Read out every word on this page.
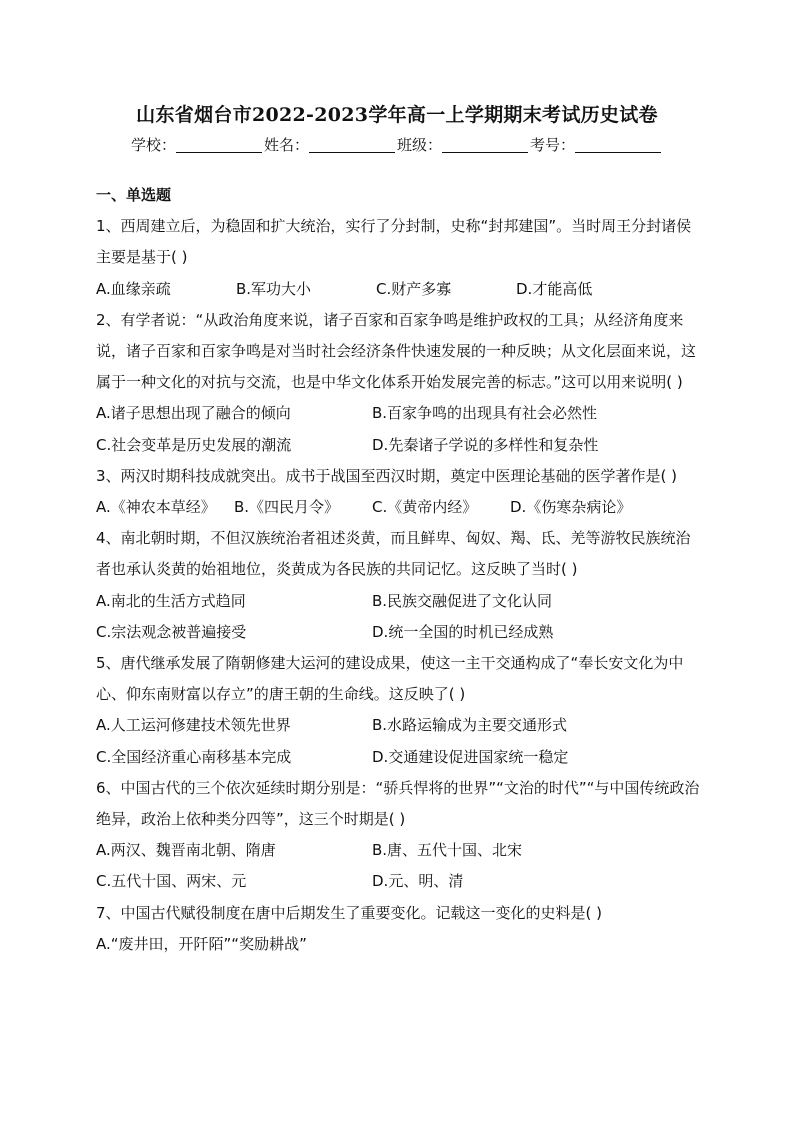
山东省烟台市2022-2023学年高一上学期期末考试历史试卷
学校：	姓名：	班级：	考号：
一、单选题

1、西周建立后，为稳固和扩大统治，实行了分封制，史称“封邦建国”。当时周王分封诸侯主要是基于( )

A.血缘亲疏	B.军功大小	C.财产多寡	D.才能高低

2、有学者说：“从政治角度来说，诸子百家和百家争鸣是维护政权的工具；从经济角度来说，诸子百家和百家争鸣是对当时社会经济条件快速发展的一种反映；从文化层面来说，这属于一种文化的对抗与交流，也是中华文化体系开始发展完善的标志。”这可以用来说明( )

A.诸子思想出现了融合的倾向	B.百家争鸣的出现具有社会必然性
C.社会变革是历史发展的潮流	D.先秦诸子学说的多样性和复杂性

3、两汉时期科技成就突出。成书于战国至西汉时期，奠定中医理论基础的医学著作是( )

A.《神农本草经》	B.《四民月令》	C.《黄帝内经》	D.《伤寒杂病论》

4、南北朝时期，不但汉族统治者祖述炎黄，而且鲜卑、匈奴、羯、氐、羌等游牧民族统治者也承认炎黄的始祖地位，炎黄成为各民族的共同记忆。这反映了当时( )

A.南北的生活方式趋同	B.民族交融促进了文化认同
C.宗法观念被普遍接受	D.统一全国的时机已经成熟

5、唐代继承发展了隋朝修建大运河的建设成果，使这一主干交通构成了“奉长安文化为中心、仰东南财富以存立”的唐王朝的生命线。这反映了( )

A.人工运河修建技术领先世界	B.水路运输成为主要交通形式
C.全国经济重心南移基本完成	D.交通建设促进国家统一稳定

6、中国古代的三个依次延续时期分别是：“骄兵悍将的世界”“文治的时代”“与中国传统政治绝异，政治上依种类分四等”，这三个时期是( )

A.两汉、魏晋南北朝、隋唐	B.唐、五代十国、北宋
C.五代十国、两宋、元	D.元、明、清

7、中国古代赋役制度在唐中后期发生了重要变化。记载这一变化的史料是( )

A.“废井田，开阡陌”“奖励耕战”
